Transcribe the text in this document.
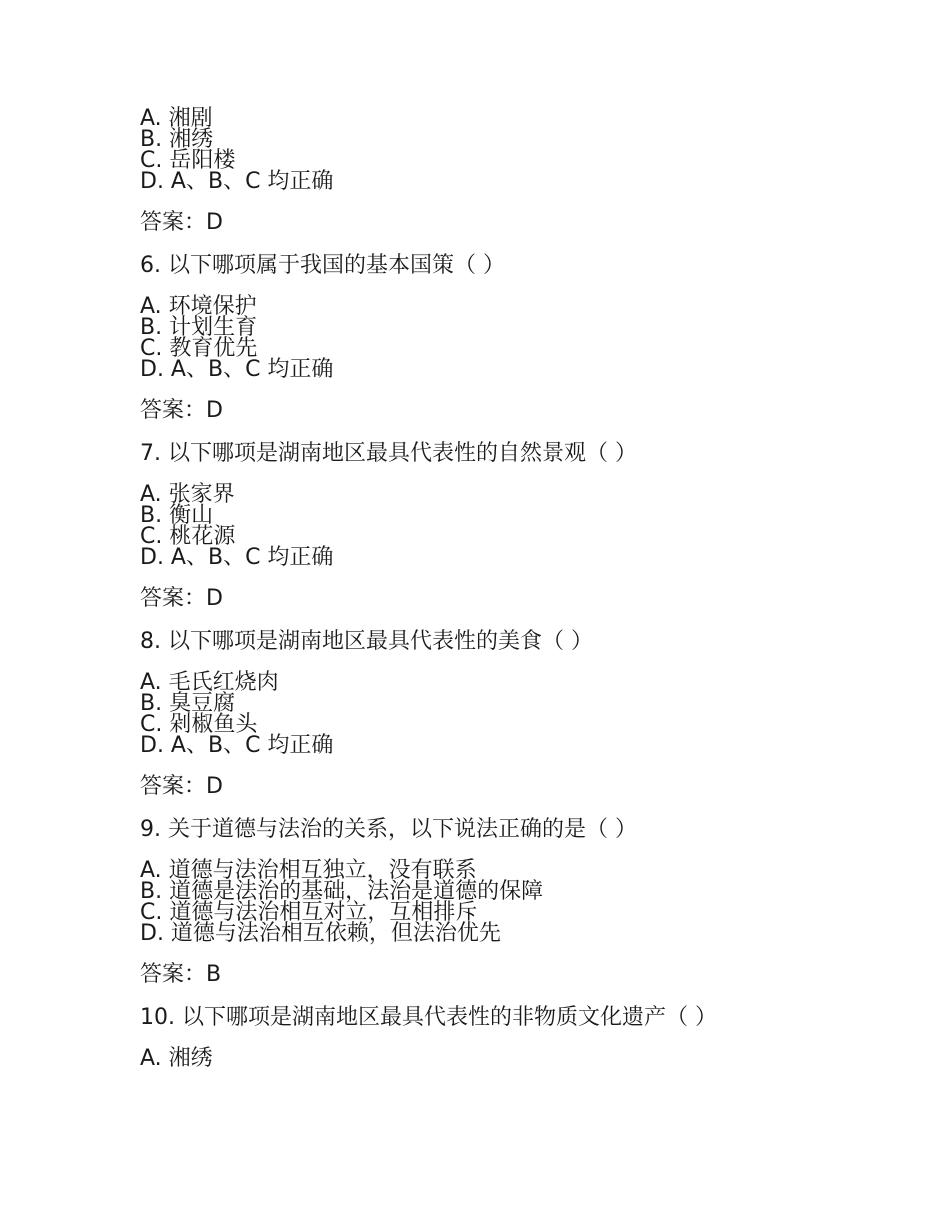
A. 湘剧
B. 湘绣
C. 岳阳楼
D. A、B、C 均正确
答案：D
6. 以下哪项属于我国的基本国策（ ）
A. 环境保护
B. 计划生育
C. 教育优先
D. A、B、C 均正确
答案：D
7. 以下哪项是湖南地区最具代表性的自然景观（ ）
A. 张家界
B. 衡山
C. 桃花源
D. A、B、C 均正确
答案：D
8. 以下哪项是湖南地区最具代表性的美食（ ）
A. 毛氏红烧肉
B. 臭豆腐
C. 剁椒鱼头
D. A、B、C 均正确
答案：D
9. 关于道德与法治的关系，以下说法正确的是（ ）
A. 道德与法治相互独立，没有联系
B. 道德是法治的基础，法治是道德的保障
C. 道德与法治相互对立，互相排斥
D. 道德与法治相互依赖，但法治优先
答案：B
10. 以下哪项是湖南地区最具代表性的非物质文化遗产（ ）
A. 湘绣
